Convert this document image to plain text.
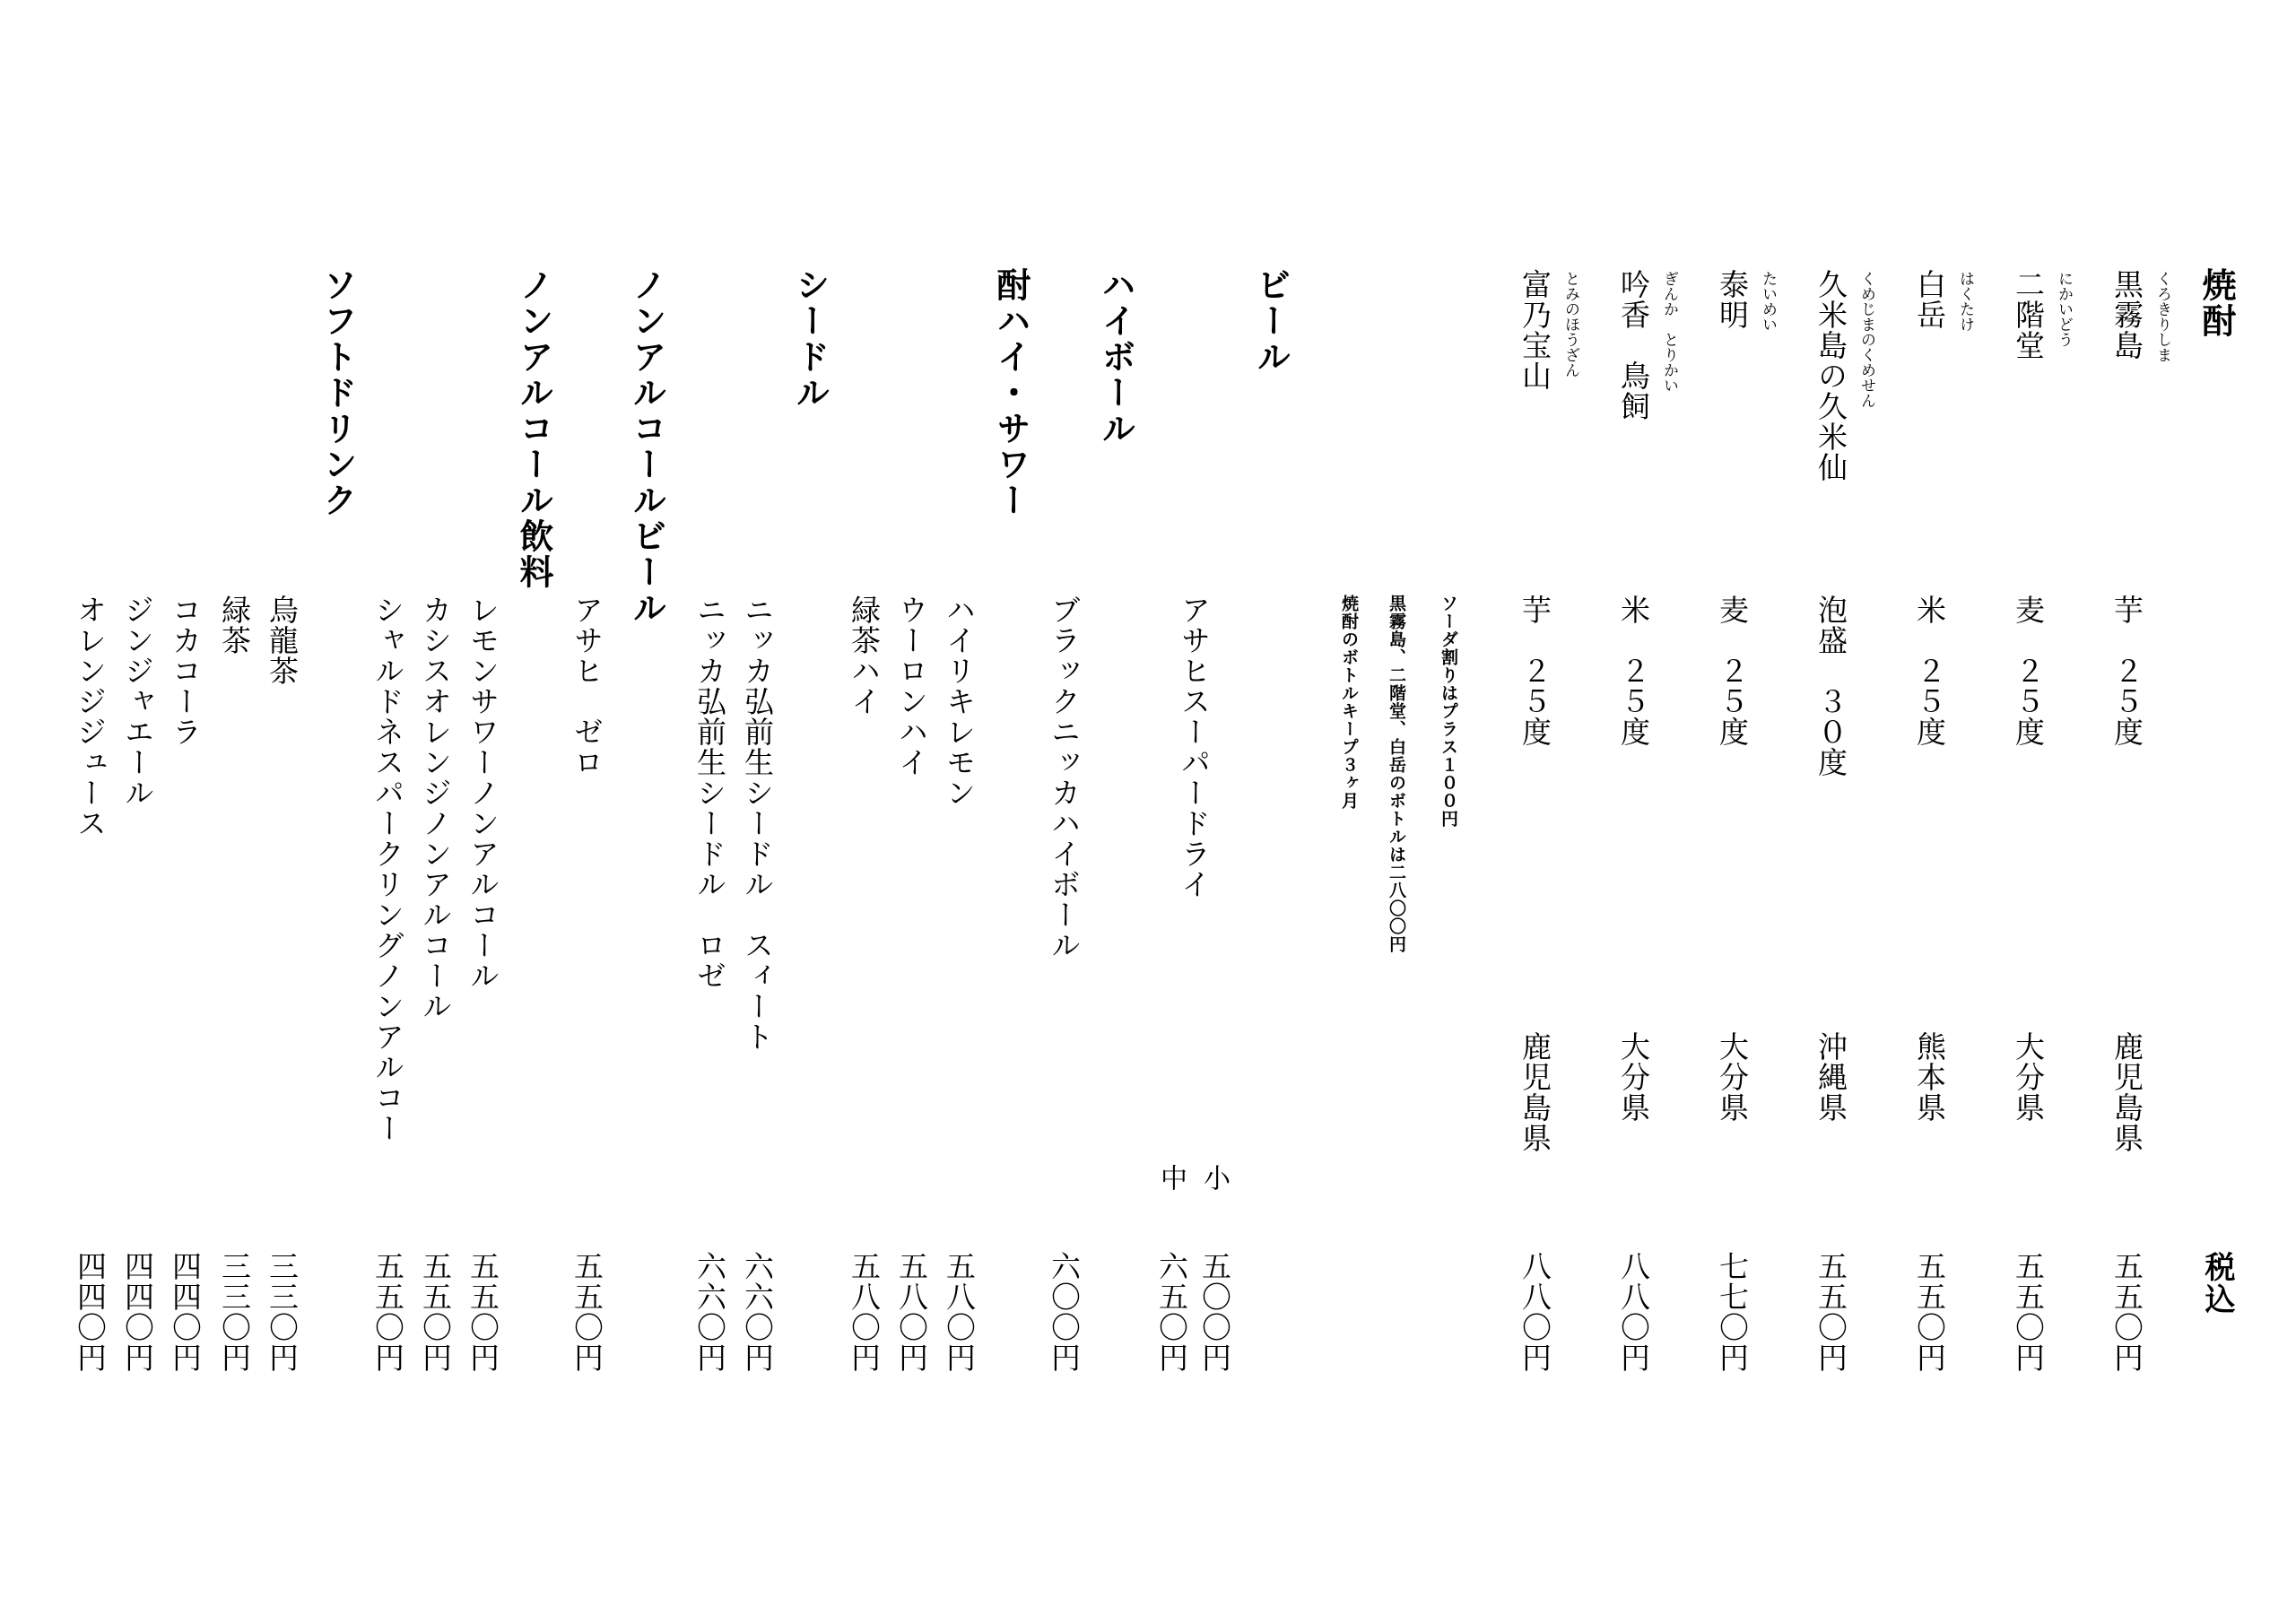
税込
焼酎
くろきりしま
黒霧島
芋　２５度
鹿児島県
五五〇円
にかいどう
二階堂
麦　２５度
大分県
五五〇円
はくたけ
白岳
米　２５度
熊本県
五五〇円
くめじまのくめせん
久米島の久米仙
泡盛　３０度
沖縄県
五五〇円
たいめい
泰明
麦　２５度
大分県
七七〇円
ぎんか　とりかい
吟香　鳥飼
米　２５度
大分県
八八〇円
とみのほうざん
富乃宝山
芋　２５度
鹿児島県
八八〇円
ソーダ割りはプラス１００円
黒霧島、二階堂、白岳のボトルは二八〇〇円
焼酎のボトルキープ３ヶ月
ビール
アサヒスーパードライ
小
五〇〇円
中
六五〇円
ハイボール
ブラックニッカハイボール
六〇〇円
酎ハイ・サワー
ハイリキレモン
五八〇円
ウーロンハイ
五八〇円
緑茶ハイ
五八〇円
シードル
ニッカ弘前生シードル　スィート
六六〇円
ニッカ弘前生シードル　ロゼ
六六〇円
ノンアルコールビール
アサヒ　ゼロ
五五〇円
ノンアルコール飲料
レモンサワーノンアルコール
五五〇円
カシスオレンジノンアルコール
五五〇円
シャルドネスパークリングノンアルコー
五五〇円
ソフトドリンク
烏龍茶
三三〇円
緑茶
三三〇円
コカコーラ
四四〇円
ジンジャエール
四四〇円
オレンジジュース
四四〇円
